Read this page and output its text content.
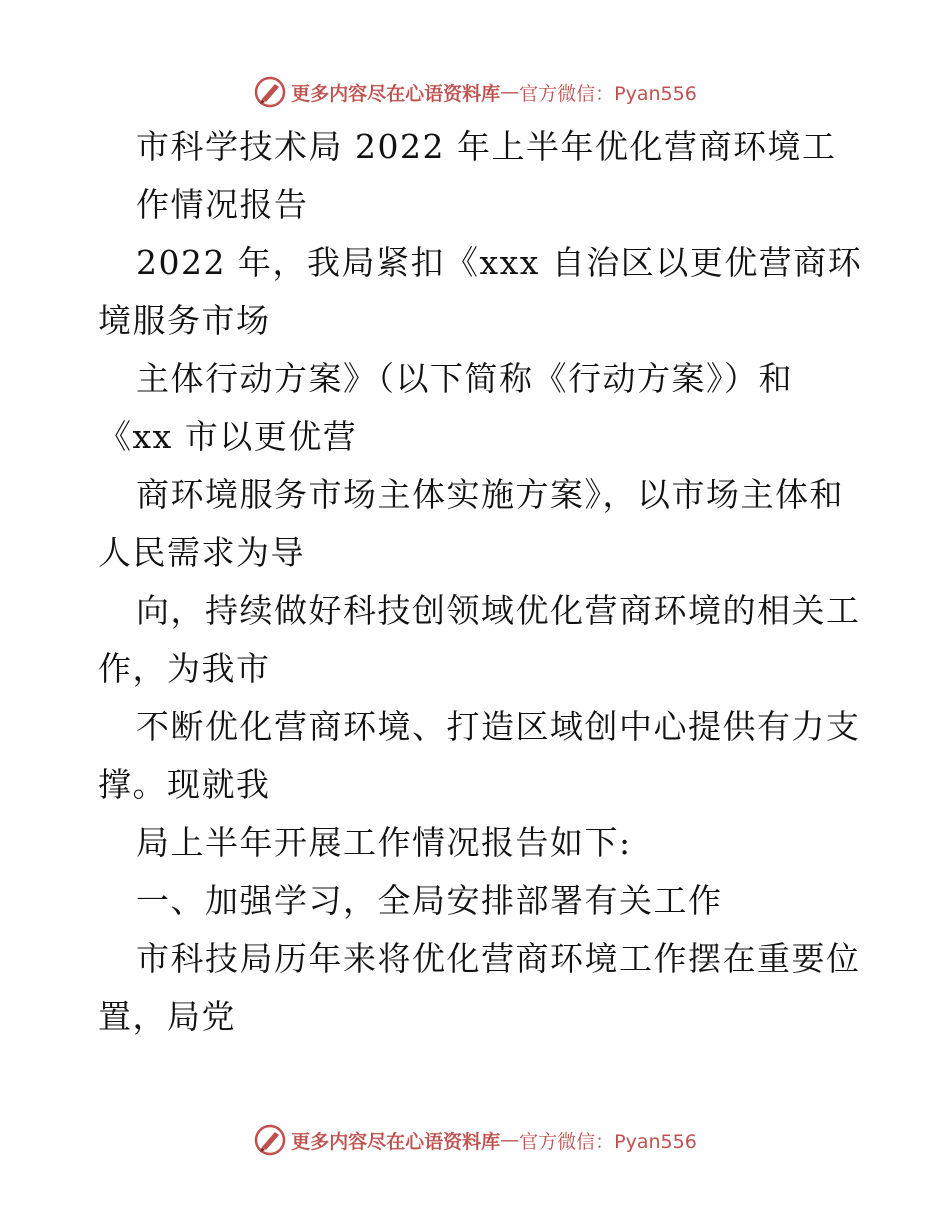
更多内容尽在心语资料库 — 官方微信：Pyan556
市科学技术局 2022 年上半年优化营商环境工
作情况报告
2022 年，我局紧扣《xxx 自治区以更优营商环
境服务市场
主体行动方案》（以下简称《行动方案》）和
《xx 市以更优营
商环境服务市场主体实施方案》，以市场主体和
人民需求为导
向，持续做好科技创领域优化营商环境的相关工
作，为我市
不断优化营商环境、打造区域创中心提供有力支
撑。现就我
局上半年开展工作情况报告如下:
一、加强学习，全局安排部署有关工作
市科技局历年来将优化营商环境工作摆在重要位
置，局党
更多内容尽在心语资料库 — 官方微信：Pyan556
